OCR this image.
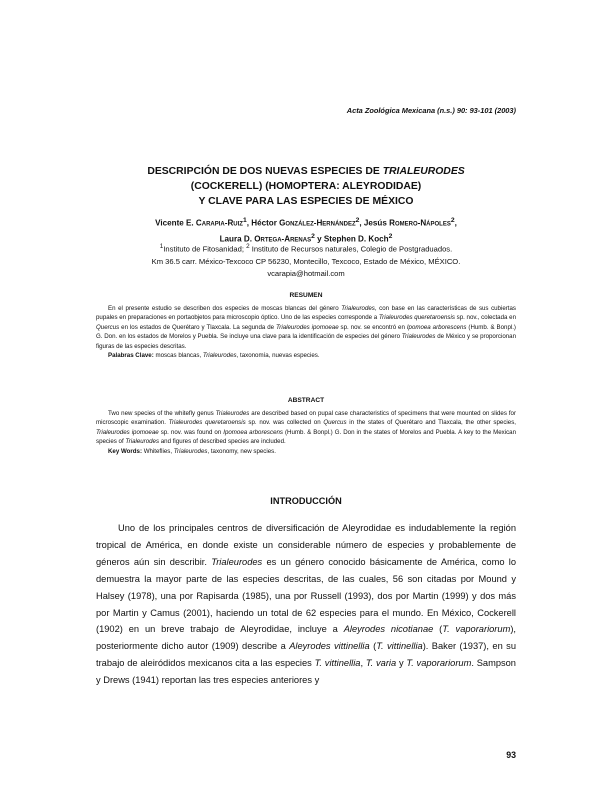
Acta Zoológica Mexicana (n.s.) 90: 93-101 (2003)
DESCRIPCIÓN DE DOS NUEVAS ESPECIES DE TRIALEURODES
(COCKERELL) (HOMOPTERA: ALEYRODIDAE)
Y CLAVE PARA LAS ESPECIES DE MÉXICO
Vicente E. Carapia-Ruiz$^1$, Héctor González-Hernández$^2$, Jesús Romero-Nápoles$^2$,
Laura D. Ortega-Arenas$^2$ y Stephen D. Koch$^2$
$^1$Instituto de Fitosanidad; $^2$ Instituto de Recursos naturales, Colegio de Postgraduados.
Km 36.5 carr. México-Texcoco CP 56230, Montecillo, Texcoco, Estado de México, MÉXICO.
vcarapia@hotmail.com
RESUMEN

En el presente estudio se describen dos especies de moscas blancas del género Trialeurodes, con base en las características de sus cubiertas pupales en preparaciones en portaobjetos para microscopio óptico. Uno de las especies corresponde a Trialeurodes queretaroensis sp. nov., colectada en Quercus en los estados de Querétaro y Tlaxcala. La segunda de Trialeurodes ipomoeae sp. nov. se encontró en Ipomoea arborescens (Humb. & Bonpl.) G. Don. en los estados de Morelos y Puebla. Se incluye una clave para la identificación de especies del género Trialeurodes de México y se proporcionan figuras de las especies descritas.

Palabras Clave: moscas blancas, Trialeurodes, taxonomía, nuevas especies.

ABSTRACT

Two new species of the whitefly genus Trialeurodes are described based on pupal case characteristics of specimens that were mounted on slides for microscopic examination. Trialeurodes queretaroensis sp. nov. was collected on Quercus in the states of Querétaro and Tlaxcala, the other species, Trialeurodes ipomoeae sp. nov. was found on Ipomoea arborescens (Humb. & Bonpl.) G. Don in the states of Morelos and Puebla. A key to the Mexican species of Trialeurodes and figures of described species are included.

Key Words: Whiteflies, Trialeurodes, taxonomy, new species.

INTRODUCCIÓN

Uno de los principales centros de diversificación de Aleyrodidae es indudablemente la región tropical de América, en donde existe un considerable número de especies y probablemente de géneros aún sin describir. Trialeurodes es un género conocido básicamente de América, como lo demuestra la mayor parte de las especies descritas, de las cuales, 56 son citadas por Mound y Halsey (1978), una por Rapisarda (1985), una por Russell (1993), dos por Martin (1999) y dos más por Martin y Camus (2001), haciendo un total de 62 especies para el mundo. En México, Cockerell (1902) en un breve trabajo de Aleyrodidae, incluye a Aleyrodes nicotianae (T. vaporariorum), posteriormente dicho autor (1909) describe a Aleyrodes vittinellia (T. vittinellia). Baker (1937), en su trabajo de aleiródidos mexicanos cita a las especies T. vittinellia, T. varia y T. vaporariorum. Sampson y Drews (1941) reportan las tres especies anteriores y

93
